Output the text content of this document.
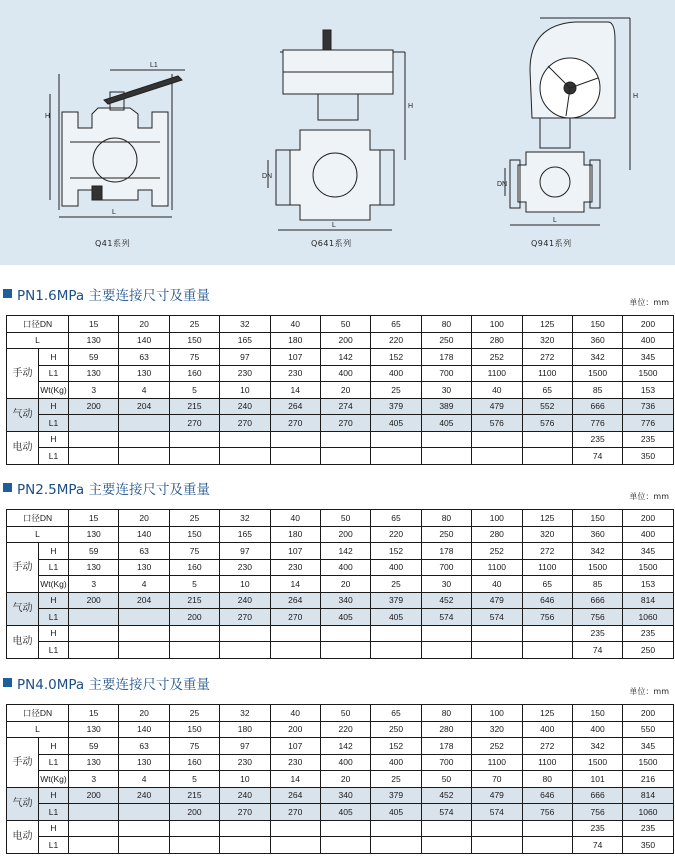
L1
H
L
H
DN
L
H
DN
L
Q41系列	Q641系列	Q941系列
PN1.6MPa 主要连接尺寸及重量	单位：mm
口径DN		15	20	25	32	40	50	65	80	100	125	150	200
L		130	140	150	165	180	200	220	250	280	320	360	400
手动	H	59	63	75	97	107	142	152	178	252	272	342	345
	L1	130	130	160	230	230	400	400	700	1100	1100	1500	1500
	Wt(Kg)	3	4	5	10	14	20	25	30	40	65	85	153
气动	H	200	204	215	240	264	274	379	389	479	552	666	736
	L1			270	270	270	270	405	405	576	576	776	776
电动	H											235	235
	L1											74	350
PN2.5MPa 主要连接尺寸及重量	单位：mm
口径DN		15	20	25	32	40	50	65	80	100	125	150	200
L		130	140	150	165	180	200	220	250	280	320	360	400
手动	H	59	63	75	97	107	142	152	178	252	272	342	345
	L1	130	130	160	230	230	400	400	700	1100	1100	1500	1500
	Wt(Kg)	3	4	5	10	14	20	25	30	40	65	85	153
气动	H	200	204	215	240	264	340	379	452	479	646	666	814
	L1			200	270	270	405	405	574	574	756	756	1060
电动	H											235	235
	L1											74	250
PN4.0MPa 主要连接尺寸及重量	单位：mm
口径DN		15	20	25	32	40	50	65	80	100	125	150	200
L		130	140	150	180	200	220	250	280	320	400	400	550
手动	H	59	63	75	97	107	142	152	178	252	272	342	345
	L1	130	130	160	230	230	400	400	700	1100	1100	1500	1500
	Wt(Kg)	3	4	5	10	14	20	25	50	70	80	101	216
气动	H	200	240	215	240	264	340	379	452	479	646	666	814
	L1			200	270	270	405	405	574	574	756	756	1060
电动	H											235	235
	L1											74	350
